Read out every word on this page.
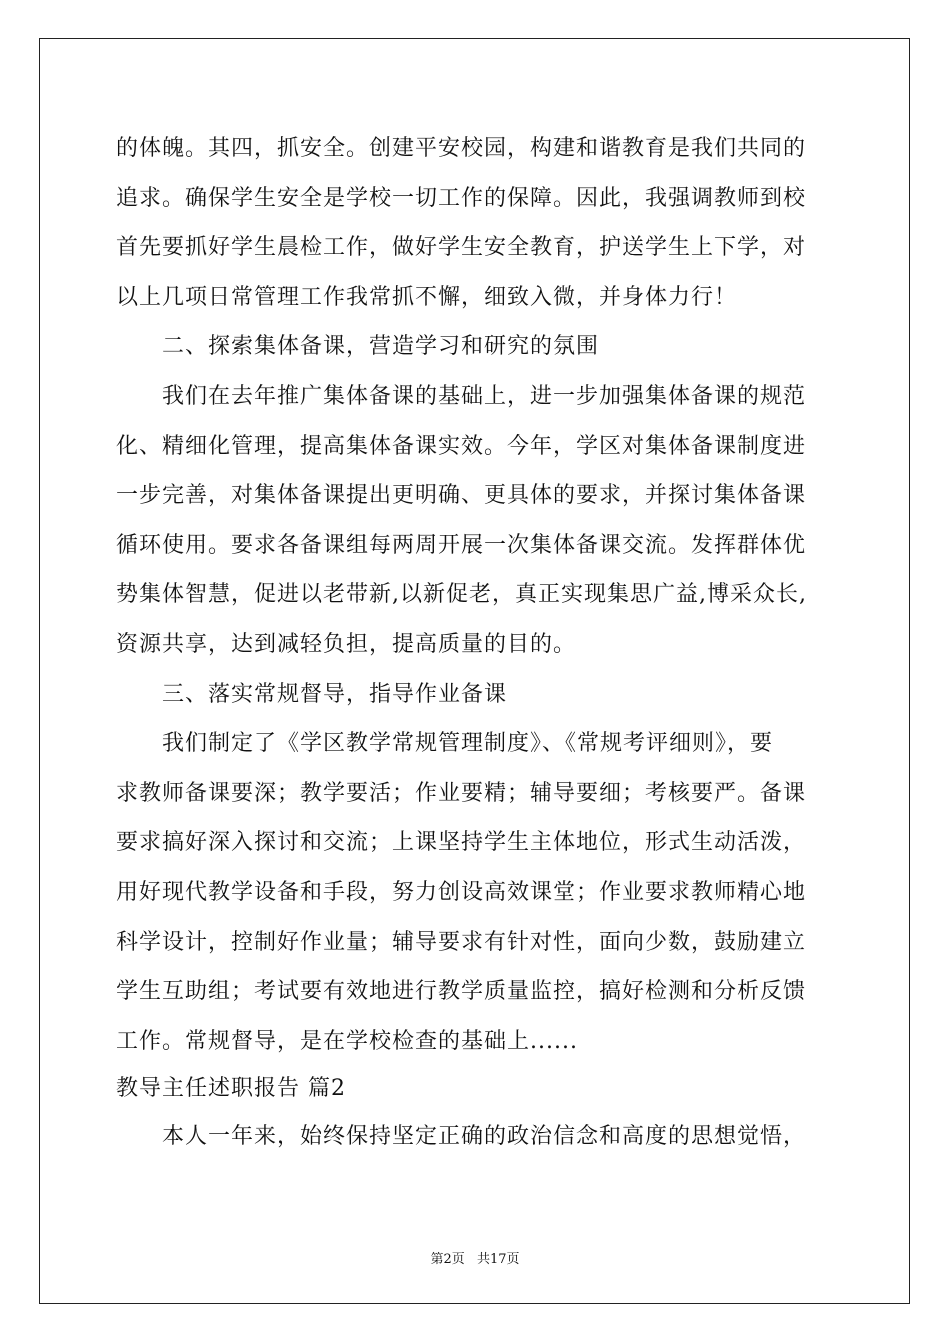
的体魄。其四，抓安全。创建平安校园，构建和谐教育是我们共同的
追求。确保学生安全是学校一切工作的保障。因此，我强调教师到校
首先要抓好学生晨检工作，做好学生安全教育，护送学生上下学，对
以上几项日常管理工作我常抓不懈，细致入微，并身体力行！
二、探索集体备课，营造学习和研究的氛围
我们在去年推广集体备课的基础上，进一步加强集体备课的规范
化、精细化管理，提高集体备课实效。今年，学区对集体备课制度进
一步完善，对集体备课提出更明确、更具体的要求，并探讨集体备课
循环使用。要求各备课组每两周开展一次集体备课交流。发挥群体优
势集体智慧，促进以老带新,以新促老，真正实现集思广益,博采众长,
资源共享，达到减轻负担，提高质量的目的。
三、落实常规督导，指导作业备课
我们制定了《学区教学常规管理制度》、《常规考评细则》，要
求教师备课要深；教学要活；作业要精；辅导要细；考核要严。备课
要求搞好深入探讨和交流；上课坚持学生主体地位，形式生动活泼，
用好现代教学设备和手段，努力创设高效课堂；作业要求教师精心地
科学设计，控制好作业量；辅导要求有针对性，面向少数，鼓励建立
学生互助组；考试要有效地进行教学质量监控，搞好检测和分析反馈
工作。常规督导，是在学校检查的基础上......
教导主任述职报告 篇2
本人一年来，始终保持坚定正确的政治信念和高度的思想觉悟，
第2页 共17页
